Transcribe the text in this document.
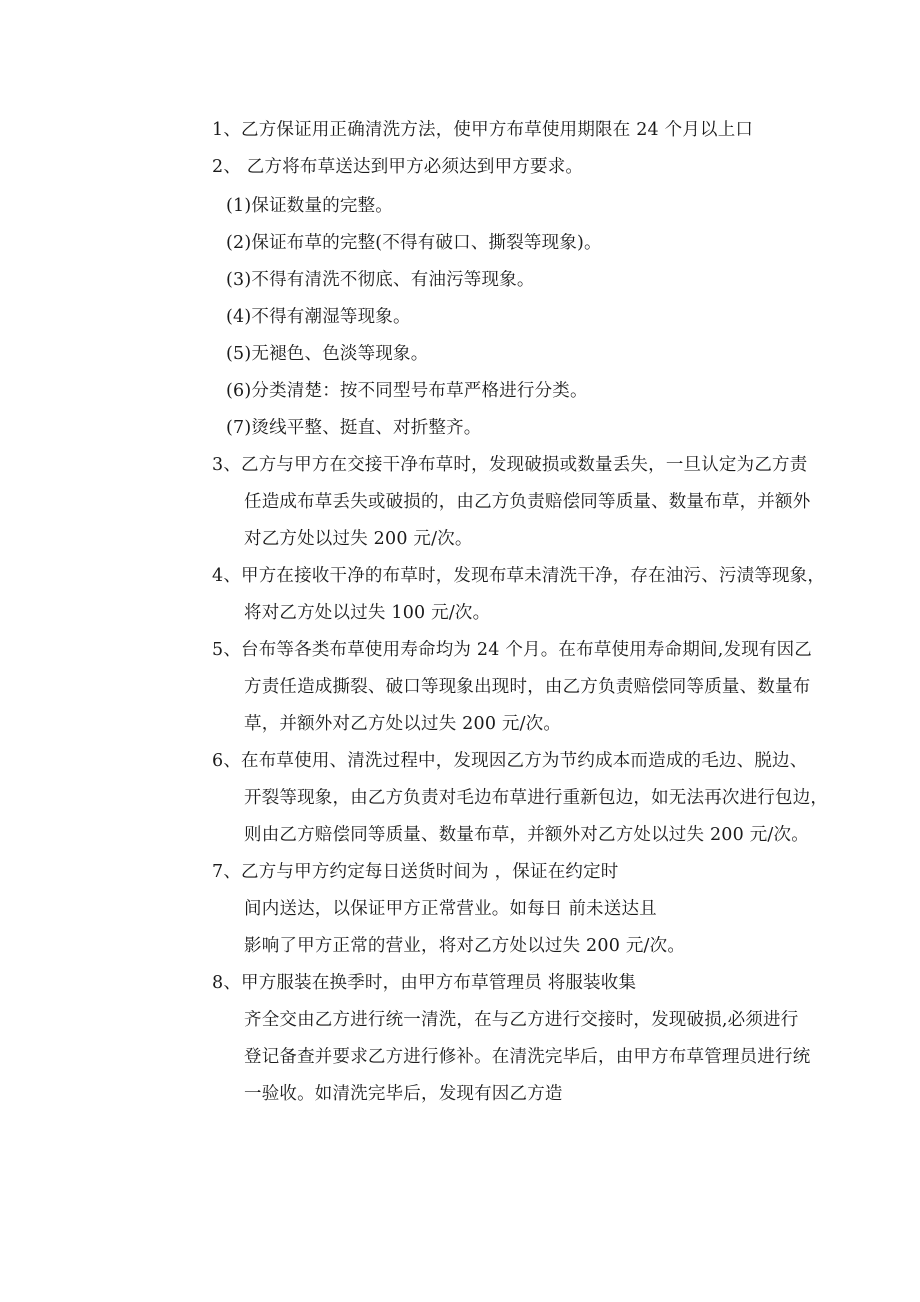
1、乙方保证用正确清洗方法，使甲方布草使用期限在 24 个月以上口
2、 乙方将布草送达到甲方必须达到甲方要求。
(1)保证数量的完整。
(2)保证布草的完整(不得有破口、撕裂等现象)。
(3)不得有清洗不彻底、有油污等现象。
(4)不得有潮湿等现象。
(5)无褪色、色淡等现象。
(6)分类清楚：按不同型号布草严格进行分类。
(7)烫线平整、挺直、对折整齐。
3、乙方与甲方在交接干净布草时，发现破损或数量丢失，一旦认定为乙方责
任造成布草丢失或破损的，由乙方负责赔偿同等质量、数量布草，并额外
对乙方处以过失 200 元/次。
4、甲方在接收干净的布草时，发现布草未清洗干净，存在油污、污渍等现象，
将对乙方处以过失 100 元/次。
5、台布等各类布草使用寿命均为 24 个月。在布草使用寿命期间,发现有因乙
方责任造成撕裂、破口等现象出现时，由乙方负责赔偿同等质量、数量布
草，并额外对乙方处以过失 200 元/次。
6、在布草使用、清洗过程中，发现因乙方为节约成本而造成的毛边、脱边、
开裂等现象，由乙方负责对毛边布草进行重新包边，如无法再次进行包边，
则由乙方赔偿同等质量、数量布草，并额外对乙方处以过失 200 元/次。
7、乙方与甲方约定每日送货时间为 ，保证在约定时
间内送达，以保证甲方正常营业。如每日 前未送达且
影响了甲方正常的营业，将对乙方处以过失 200 元/次。
8、甲方服装在换季时，由甲方布草管理员 将服装收集
齐全交由乙方进行统一清洗，在与乙方进行交接时，发现破损,必须进行
登记备查并要求乙方进行修补。在清洗完毕后，由甲方布草管理员进行统
一验收。如清洗完毕后，发现有因乙方造
